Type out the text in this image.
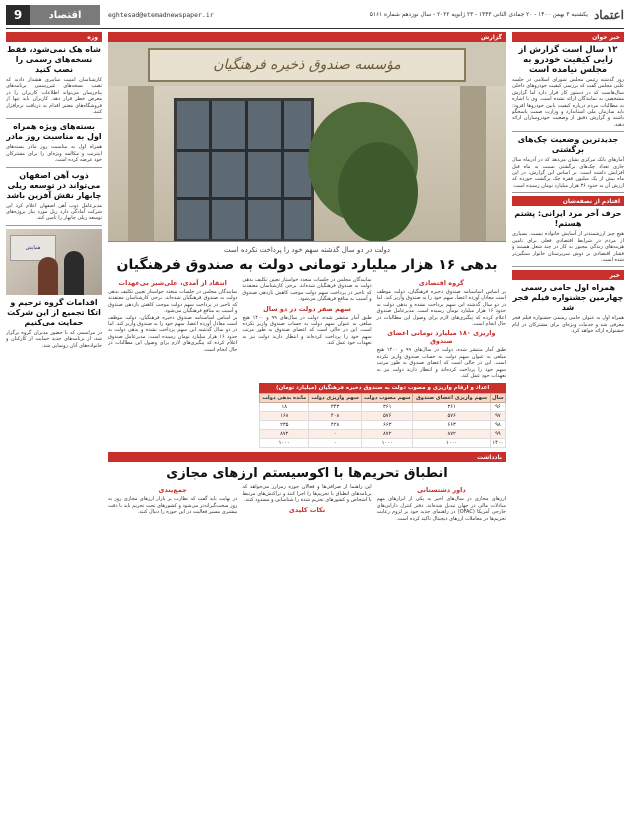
9	اقتصاد	eghtesad@etemadnewspaper.ir	یکشنبه ۳ بهمن ۱۴۰۰ - ۲۰ جمادی الثانی ۱۴۴۳ - ۲۳ ژانویه ۲۰۲۲ - سال نوزدهم شماره ۵۱۶۱ اعتماد
خبر خوان
۱۲ سال است گزارش از زایی کیفیت خودرو به مجلس نیامده است
روز گذشته رئیس مجلس شورای اسلامی در جلسه علنی مجلس گفت که بررسی کیفیت خودروهای داخلی سال‌هاست که در دستور کار قرار دارد اما گزارش مشخصی به نمایندگان ارائه نشده است. وی با اشاره به مطالبات مردم درباره کیفیت پایین خودروها افزود: باید سازمان ملی استاندارد و وزارت صمت پاسخگو باشند و گزارش دقیق از وضعیت خودروسازان ارائه دهند.
جدیدترین وضعیت چک‌های برگشتی
آمارهای بانک مرکزی نشان می‌دهد که در آذرماه سال جاری تعداد چک‌های برگشتی نسبت به ماه قبل افزایش داشته است. بر اساس این گزارش، در این ماه بیش از یک میلیون فقره چک برگشت خورده که ارزش آن به حدود ۳۶ هزار میلیارد تومان رسیده است.
افتادم از نصفه‌شان
حرف آخر مرد ایرانی: پشتم هستم!
هیچ چیز ارزشمندتر از آسایش خانواده نیست. بسیاری از مردم در شرایط اقتصادی فعلی برای تامین هزینه‌های زندگی مجبور به کار در چند شغل هستند و فشار اقتصادی بر دوش سرپرستان خانوار سنگین‌تر شده است.
خبر
همراه اول حامی رسمی چهارمین جشنواره فیلم فجر شد
همراه اول به عنوان حامی رسمی جشنواره فیلم فجر معرفی شد و خدمات ویژه‌ای برای مشترکان در ایام جشنواره ارائه خواهد کرد.
گزارش
مؤسسه صندوق ذخیره فرهنگیان
دولت در دو سال گذشته سهم خود را پرداخت نکرده است
بدهی ۱۶ هزار میلیارد تومانی دولت به صندوق فرهنگیان
گروه اقتصادی
بر اساس اساسنامه صندوق ذخیره فرهنگیان، دولت موظف است معادل آورده اعضا، سهم خود را به صندوق واریز کند. اما در دو سال گذشته این سهم پرداخت نشده و بدهی دولت به حدود ۱۶ هزار میلیارد تومان رسیده است. مدیرعامل صندوق اعلام کرده که پیگیری‌های لازم برای وصول این مطالبات در حال انجام است.
واریزی ۱۸۰ میلیارد تومانی اعضای صندوق
طبق آمار منتشر شده، دولت در سال‌های ۹۹ و ۱۴۰۰ هیچ مبلغی به عنوان سهم دولت به حساب صندوق واریز نکرده است. این در حالی است که اعضای صندوق به طور مرتب سهم خود را پرداخت کرده‌اند و انتظار دارند دولت نیز به تعهدات خود عمل کند.
نمایندگان مجلس در جلسات متعدد خواستار تعیین تکلیف بدهی دولت به صندوق فرهنگیان شده‌اند. برخی کارشناسان معتقدند که تاخیر در پرداخت سهم دولت موجب کاهش بازدهی صندوق و آسیب به منافع فرهنگیان می‌شود.
سهم صفر دولت در دو سال
طبق آمار منتشر شده، دولت در سال‌های ۹۹ و ۱۴۰۰ هیچ مبلغی به عنوان سهم دولت به حساب صندوق واریز نکرده است. این در حالی است که اعضای صندوق به طور مرتب سهم خود را پرداخت کرده‌اند و انتظار دارند دولت نیز به تعهدات خود عمل کند.
انتقاد از آمدی، علی‌شیر بی‌عهدات
نمایندگان مجلس در جلسات متعدد خواستار تعیین تکلیف بدهی دولت به صندوق فرهنگیان شده‌اند. برخی کارشناسان معتقدند که تاخیر در پرداخت سهم دولت موجب کاهش بازدهی صندوق و آسیب به منافع فرهنگیان می‌شود.
بر اساس اساسنامه صندوق ذخیره فرهنگیان، دولت موظف است معادل آورده اعضا، سهم خود را به صندوق واریز کند. اما در دو سال گذشته این سهم پرداخت نشده و بدهی دولت به حدود ۱۶ هزار میلیارد تومان رسیده است. مدیرعامل صندوق اعلام کرده که پیگیری‌های لازم برای وصول این مطالبات در حال انجام است.
اعداد و ارقام واریزی و مصوب دولت به صندوق ذخیره فرهنگیان (میلیارد تومان)
سال	سهم واریزی اعضای صندوق	سهم مصوب دولت	سهم واریزی دولت	مانده بدهی دولت
۹۶	۳۶۱	۳۶۱	۳۴۳	۱۸
۹۷	۵۷۶	۵۷۶	۴۰۸	۱۶۸
۹۸	۶۶۳	۶۶۳	۴۲۸	۲۳۵
۹۹	۸۷۲	۸۷۲	۰	۸۷۲
۱۴۰۰	۱۰۰۰	۱۰۰۰	۰	۱۰۰۰
بادداشت
انطباق تحریم‌ها با اکوسیستم ارزهای مجازی
داور دشتستانی
ارزهای مجازی در سال‌های اخیر به یکی از ابزارهای مهم مبادلات مالی در جهان تبدیل شده‌اند. دفتر کنترل دارایی‌های خارجی آمریکا (OFAC) در راهنمای جدید خود بر لزوم رعایت تحریم‌ها در معاملات ارزهای دیجیتال تاکید کرده است.
این راهنما از صرافی‌ها و فعالان حوزه رمزارز می‌خواهد که برنامه‌های انطباق با تحریم‌ها را اجرا کنند و تراکنش‌های مرتبط با اشخاص و کشورهای تحریم شده را شناسایی و مسدود کنند.
نکات کلیدی
جمع‌بندی
در نهایت باید گفت که نظارت بر بازار ارزهای مجازی روز به روز سخت‌گیرانه‌تر می‌شود و کشورهای تحت تحریم باید با دقت بیشتری مسیر فعالیت در این حوزه را دنبال کنند.
وزه
شاه هک نمی‌شود، فقط نسخه‌های رسمی را نصب کنید
کارشناسان امنیت سایبری هشدار دادند که نصب نسخه‌های غیررسمی برنامه‌های پیام‌رسان می‌تواند اطلاعات کاربران را در معرض خطر قرار دهد. کاربران باید تنها از فروشگاه‌های معتبر اقدام به دریافت نرم‌افزار کنند.
بسته‌های ویژه همراه اول به مناسبت روز مادر
همراه اول به مناسبت روز مادر بسته‌های اینترنت و مکالمه ویژه‌ای را برای مشترکان خود عرضه کرده است.
ذوب آهن اصفهان می‌تواند در توسعه ریلی چابهار نقش آفرین باشد
مدیرعامل ذوب آهن اصفهان اعلام کرد این شرکت آمادگی دارد ریل مورد نیاز پروژه‌های توسعه ریلی چابهار را تامین کند.
همایش
اقدامات گروه ترحیم و اتکا تجمیع از این شرکت حمایت می‌کنیم
در مراسمی که با حضور مدیران گروه برگزار شد، از برنامه‌های جدید حمایت از کارکنان و خانواده‌های آنان رونمایی شد.
